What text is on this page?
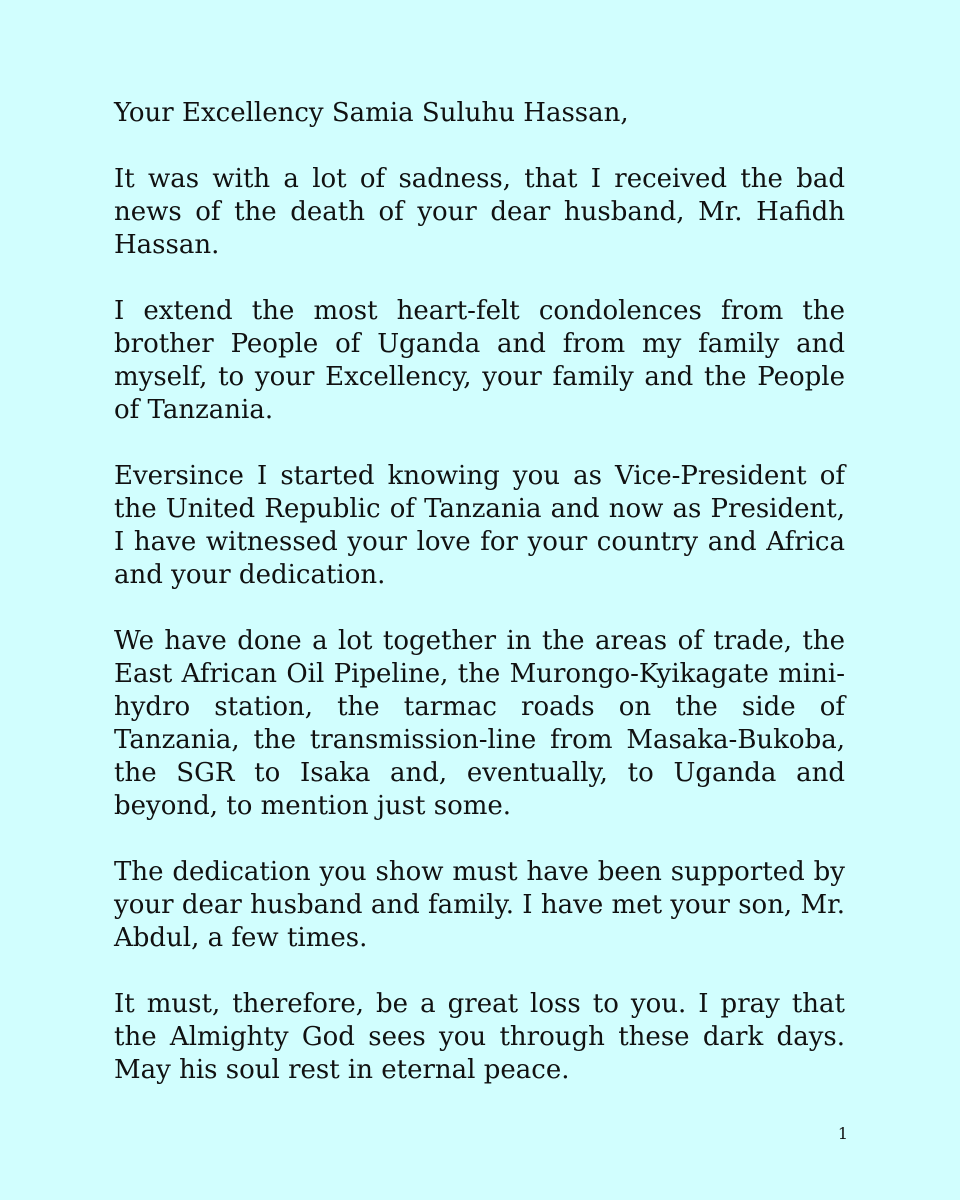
Your Excellency Samia Suluhu Hassan,

It was with a lot of sadness, that I received the bad news of the death of your dear husband, Mr. Hafidh Hassan.

I extend the most heart-felt condolences from the brother People of Uganda and from my family and myself, to your Excellency, your family and the People of Tanzania.

Eversince I started knowing you as Vice-President of the United Republic of Tanzania and now as President, I have witnessed your love for your country and Africa and your dedication.

We have done a lot together in the areas of trade, the East African Oil Pipeline, the Murongo-Kyikagate mini-hydro station, the tarmac roads on the side of Tanzania, the transmission-line from Masaka-Bukoba, the SGR to Isaka and, eventually, to Uganda and beyond, to mention just some.

The dedication you show must have been supported by your dear husband and family. I have met your son, Mr. Abdul, a few times.

It must, therefore, be a great loss to you. I pray that the Almighty God sees you through these dark days. May his soul rest in eternal peace.

1
